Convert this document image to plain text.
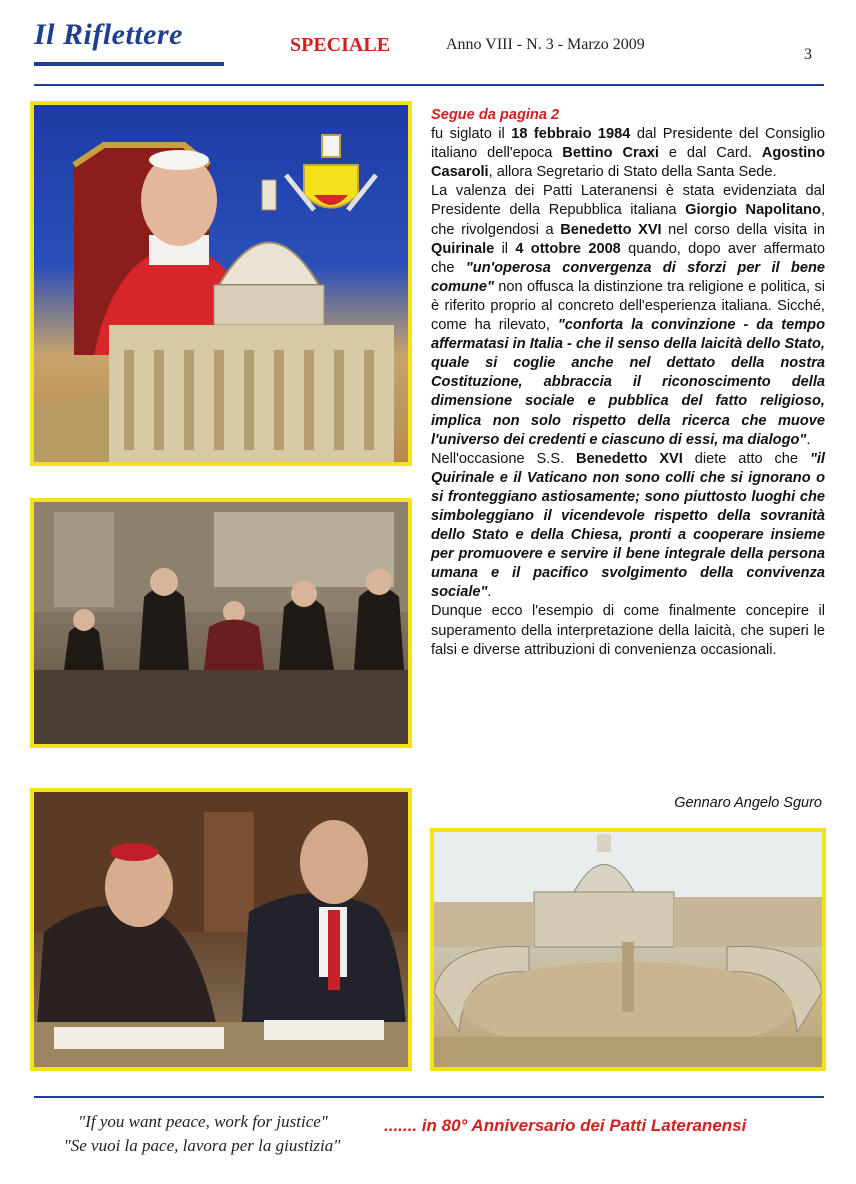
Il Riflettere	SPECIALE	Anno VIII - N. 3 - Marzo 2009
3

Segue da pagina 2

fu siglato il 18 febbraio 1984 dal Presidente del Consiglio italiano dell'epoca Bettino Craxi e dal Card. Agostino Casaroli, allora Segretario di Stato della Santa Sede.

La valenza dei Patti Lateranensi è stata evidenziata dal Presidente della Repubblica italiana Giorgio Napolitano, che rivolgendosi a Benedetto XVI nel corso della visita in Quirinale il 4 ottobre 2008 quando, dopo aver affermato che "un'operosa convergenza di sforzi per il bene comune" non offusca la distinzione tra religione e politica, si è riferito proprio al concreto dell'esperienza italiana. Sicché, come ha rilevato, "conforta la convinzione - da tempo affermatasi in Italia - che il senso della laicità dello Stato, quale si coglie anche nel dettato della nostra Costituzione, abbraccia il riconoscimento della dimensione sociale e pubblica del fatto religioso, implica non solo rispetto della ricerca che muove l'universo dei credenti e ciascuno di essi, ma dialogo".

Nell'occasione S.S. Benedetto XVI diete atto che "il Quirinale e il Vaticano non sono colli che si ignorano o si fronteggiano astiosamente; sono piuttosto luoghi che simboleggiano il vicendevole rispetto della sovranità dello Stato e della Chiesa, pronti a cooperare insieme per promuovere e servire il bene integrale della persona umana e il pacifico svolgimento della convivenza sociale".

Dunque ecco l'esempio di come finalmente concepire il superamento della interpretazione della laicità, che superi le falsi e diverse attribuzioni di convenienza occasionali.

Gennaro Angelo Sguro
"If you want peace, work for justice"
"Se vuoi la pace, lavora per la giustizia"
....... in 80° Anniversario dei Patti Lateranensi
